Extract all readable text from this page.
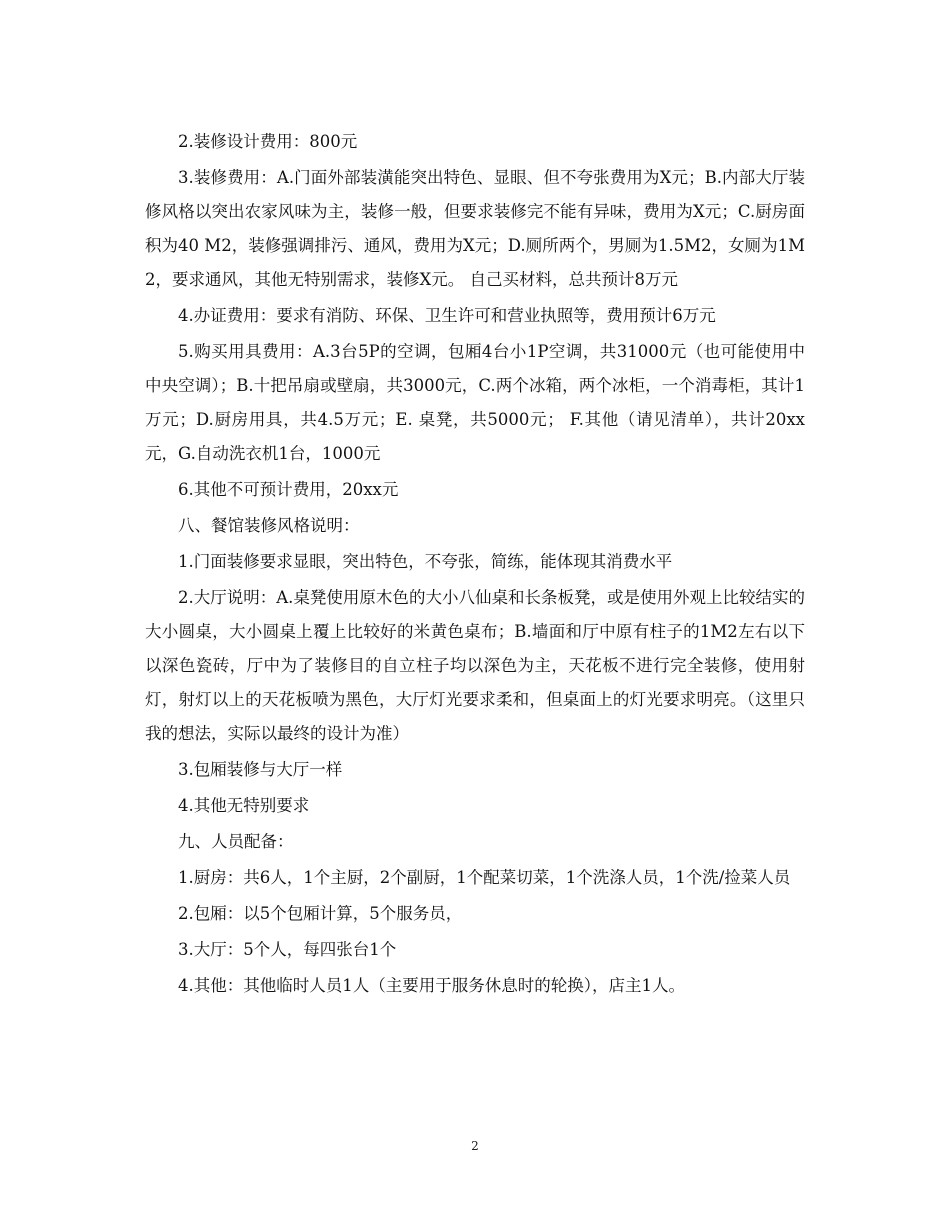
2.装修设计费用：800元

3.装修费用：A.门面外部装潢能突出特色、显眼、但不夸张费用为X元；B.内部大厅装修风格以突出农家风味为主，装修一般，但要求装修完不能有异味，费用为X元；C.厨房面积为40 M2，装修强调排污、通风，费用为X元；D.厕所两个，男厕为1.5M2，女厕为1M2，要求通风，其他无特别需求，装修X元。 自己买材料，总共预计8万元

4.办证费用：要求有消防、环保、卫生许可和营业执照等，费用预计6万元

5.购买用具费用：A.3台5P的空调，包厢4台小1P空调，共31000元（也可能使用中中央空调）；B.十把吊扇或壁扇，共3000元，C.两个冰箱，两个冰柜，一个消毒柜，其计1万元；D.厨房用具，共4.5万元；E. 桌凳，共5000元； F.其他（请见清单），共计20xx元，G.自动洗衣机1台，1000元

6.其他不可预计费用，20xx元

八、餐馆装修风格说明：

1.门面装修要求显眼，突出特色，不夸张，简练，能体现其消费水平

2.大厅说明：A.桌凳使用原木色的大小八仙桌和长条板凳，或是使用外观上比较结实的大小圆桌，大小圆桌上覆上比较好的米黄色桌布；B.墙面和厅中原有柱子的1M2左右以下以深色瓷砖，厅中为了装修目的自立柱子均以深色为主，天花板不进行完全装修，使用射灯，射灯以上的天花板喷为黑色，大厅灯光要求柔和，但桌面上的灯光要求明亮。（这里只我的想法，实际以最终的设计为准）

3.包厢装修与大厅一样

4.其他无特别要求

九、人员配备：

1.厨房：共6人，1个主厨，2个副厨，1个配菜切菜，1个洗涤人员，1个洗/捡菜人员

2.包厢：以5个包厢计算，5个服务员，

3.大厅：5个人，每四张台1个

4.其他：其他临时人员1人（主要用于服务休息时的轮换），店主1人。

2
